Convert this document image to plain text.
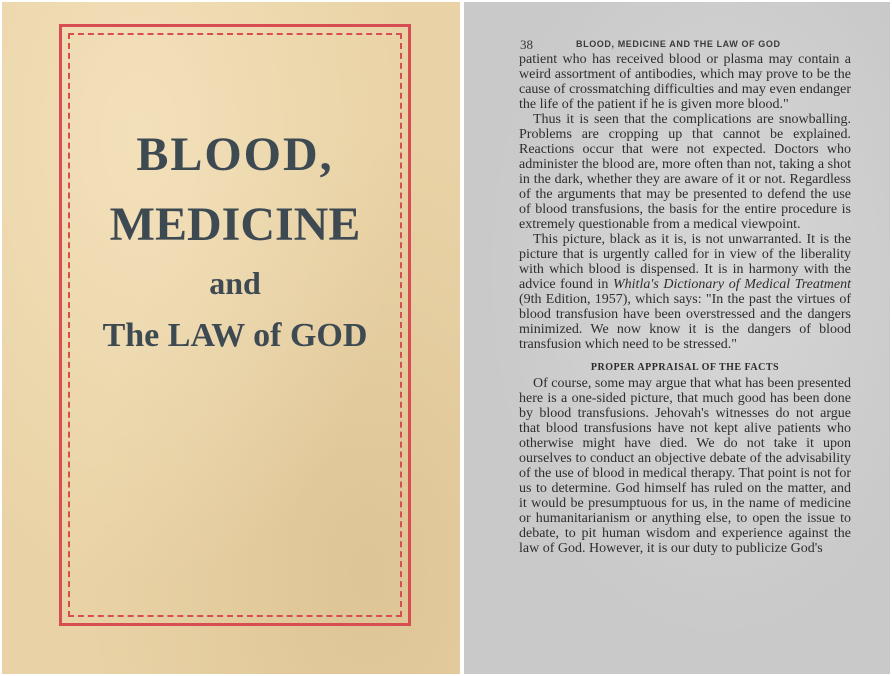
BLOOD,
MEDICINE
and
The LAW of GOD
38	BLOOD, MEDICINE AND THE LAW OF GOD

patient who has received blood or plasma may contain a weird assortment of antibodies, which may prove to be the cause of crossmatching difficulties and may even endanger the life of the patient if he is given more blood."

Thus it is seen that the complications are snowballing. Problems are cropping up that cannot be explained. Reactions occur that were not expected. Doctors who administer the blood are, more often than not, taking a shot in the dark, whether they are aware of it or not. Regardless of the arguments that may be presented to defend the use of blood transfusions, the basis for the entire procedure is extremely questionable from a medical viewpoint.

This picture, black as it is, is not unwarranted. It is the picture that is urgently called for in view of the liberality with which blood is dispensed. It is in harmony with the advice found in Whitla's Dictionary of Medical Treatment (9th Edition, 1957), which says: "In the past the virtues of blood transfusion have been overstressed and the dangers minimized. We now know it is the dangers of blood transfusion which need to be stressed."

PROPER APPRAISAL OF THE FACTS

Of course, some may argue that what has been presented here is a one-sided picture, that much good has been done by blood transfusions. Jehovah's witnesses do not argue that blood transfusions have not kept alive patients who otherwise might have died. We do not take it upon ourselves to conduct an objective debate of the advisability of the use of blood in medical therapy. That point is not for us to determine. God himself has ruled on the matter, and it would be presumptuous for us, in the name of medicine or humanitarianism or anything else, to open the issue to debate, to pit human wisdom and experience against the law of God. However, it is our duty to publicize God's
